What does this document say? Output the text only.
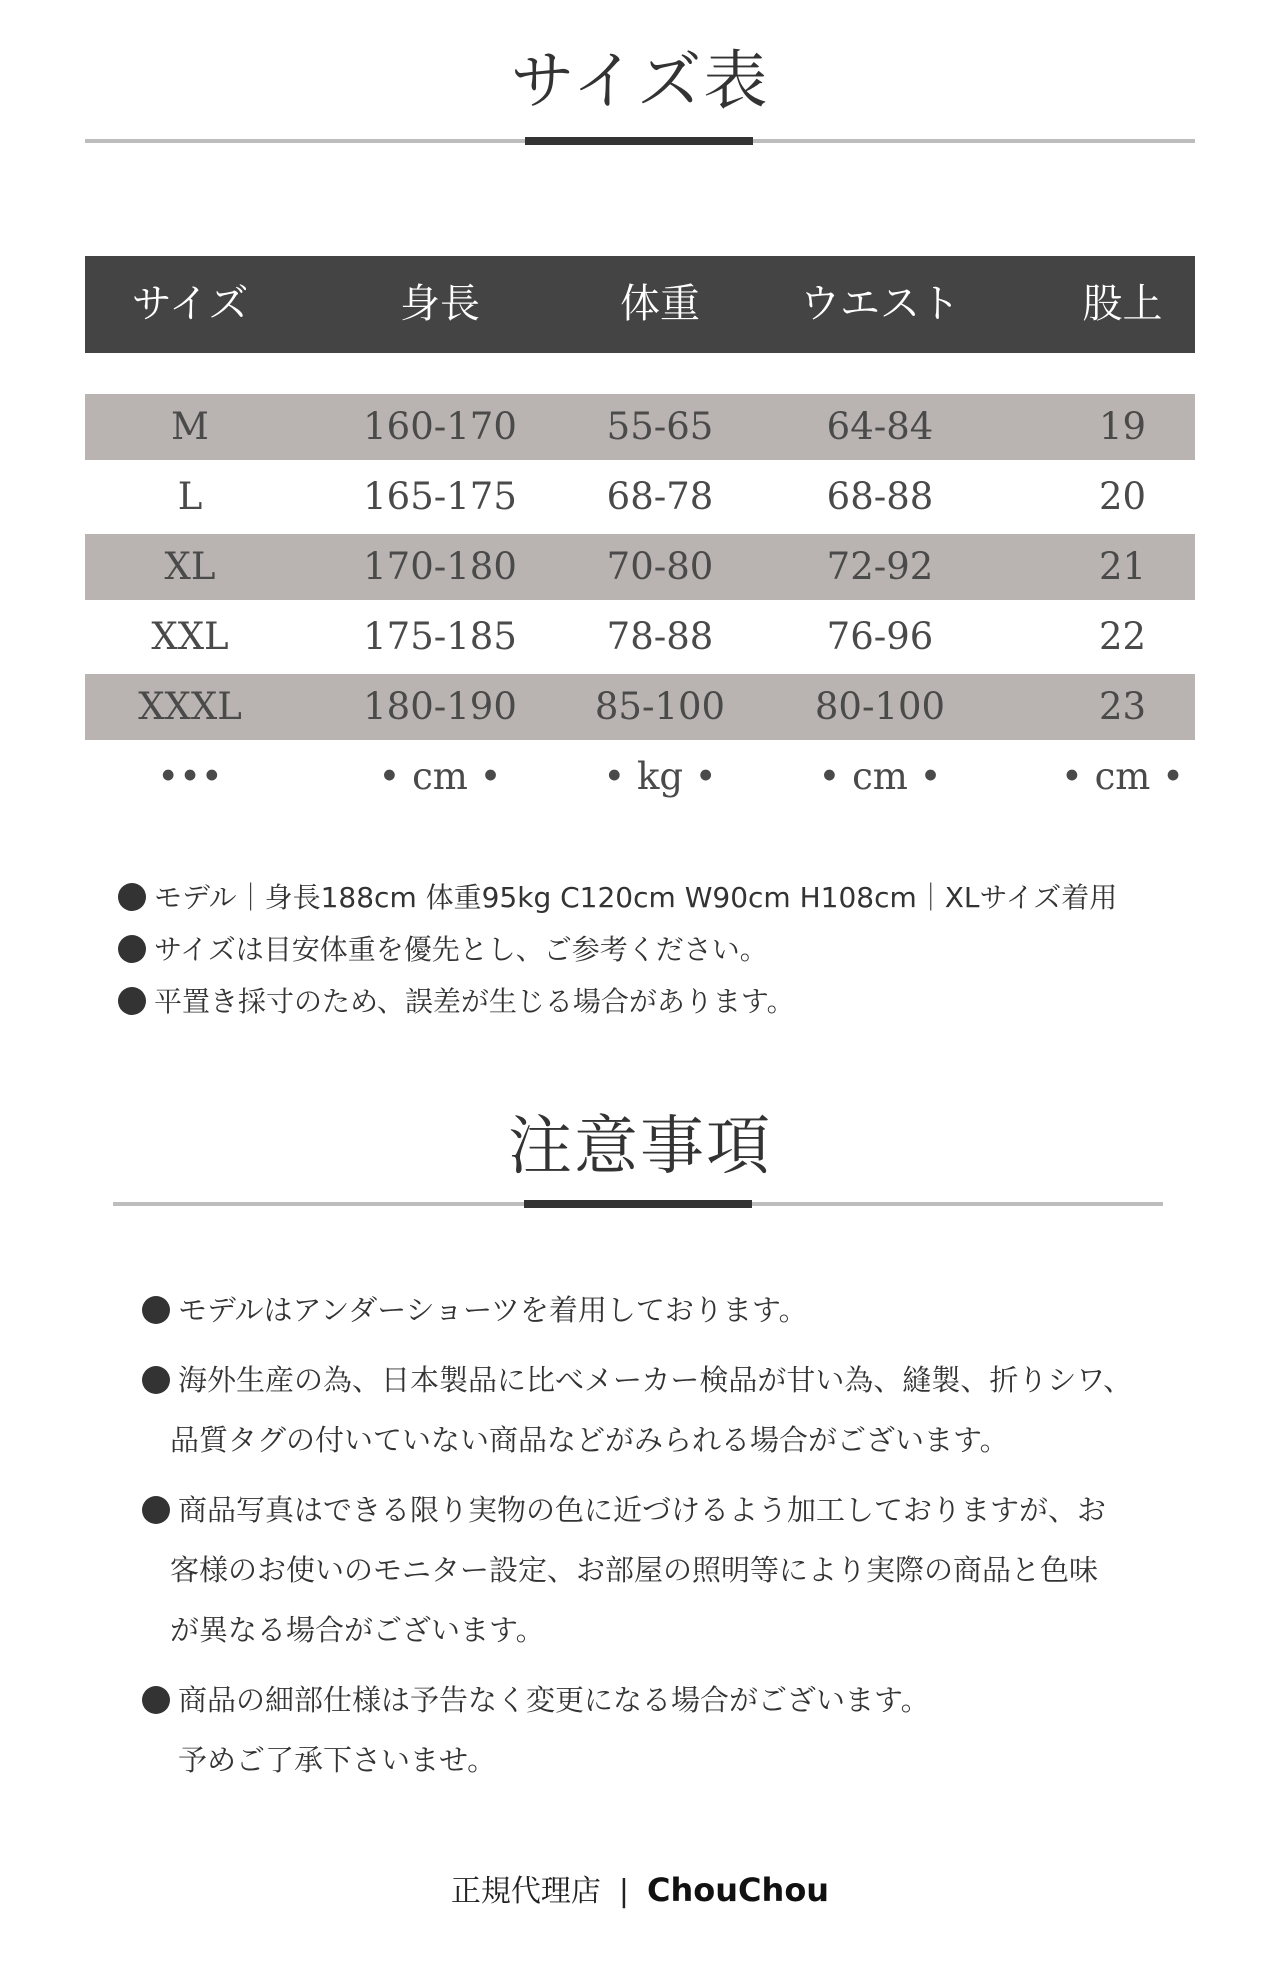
サイズ表
サイズ	身長	体重	ウエスト	股上
M	160-170	55-65	64-84	19
L	165-175	68-78	68-88	20
XL	170-180	70-80	72-92	21
XXL	175-185	78-88	76-96	22
XXXL	180-190	85-100	80-100	23
•••	• cm •	• kg •	• cm •	• cm •
モデル｜身長188cm 体重95kg C120cm W90cm H108cm｜XLサイズ着用
サイズは目安体重を優先とし、ご参考ください。
平置き採寸のため、誤差が生じる場合があります。
注意事項
モデルはアンダーショーツを着用しております。
海外生産の為、日本製品に比べメーカー検品が甘い為、縫製、折りシワ、
品質タグの付いていない商品などがみられる場合がございます。
商品写真はできる限り実物の色に近づけるよう加工しておりますが、お
客様のお使いのモニター設定、お部屋の照明等により実際の商品と色味
が異なる場合がございます。
商品の細部仕様は予告なく変更になる場合がございます。
予めご了承下さいませ。
正規代理店 | ChouChou
